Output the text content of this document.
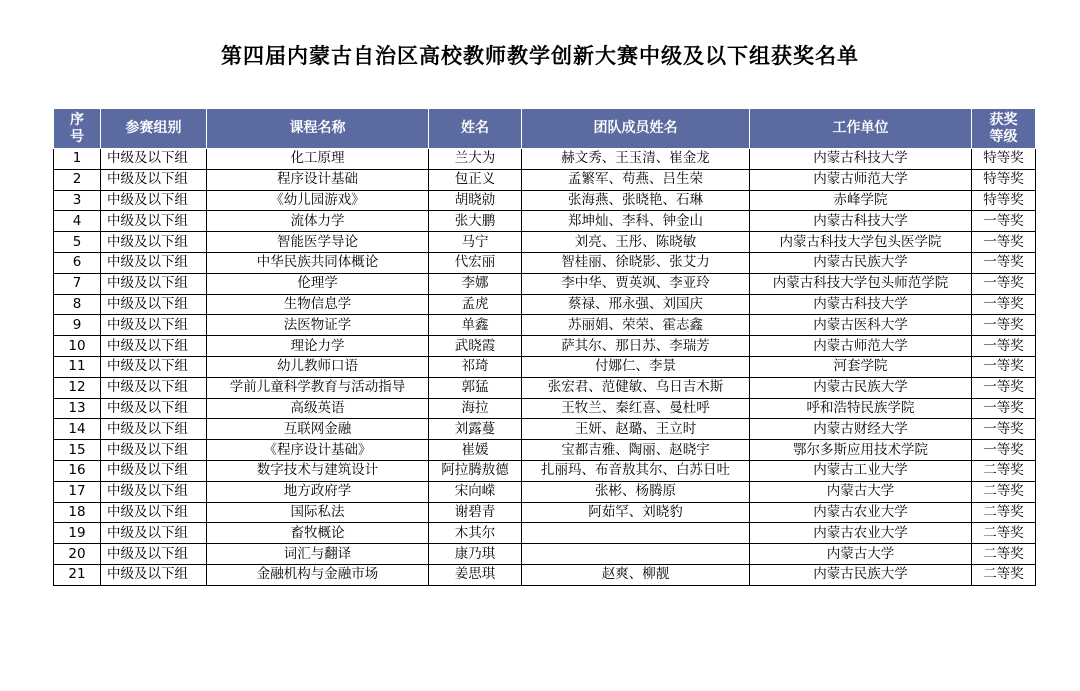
第四届内蒙古自治区高校教师教学创新大赛中级及以下组获奖名单
序号	参赛组别	课程名称	姓名	团队成员姓名	工作单位	获奖等级
1	中级及以下组	化工原理	兰大为	赫文秀、王玉清、崔金龙	内蒙古科技大学	特等奖
2	中级及以下组	程序设计基础	包正义	孟繁军、苟燕、吕生荣	内蒙古师范大学	特等奖
3	中级及以下组	《幼儿园游戏》	胡晓勍	张海燕、张晓艳、石琳	赤峰学院	特等奖
4	中级及以下组	流体力学	张大鹏	郑坤灿、李科、钟金山	内蒙古科技大学	一等奖
5	中级及以下组	智能医学导论	马宁	刘亮、王彤、陈晓敏	内蒙古科技大学包头医学院	一等奖
6	中级及以下组	中华民族共同体概论	代宏丽	智桂丽、徐晓影、张艾力	内蒙古民族大学	一等奖
7	中级及以下组	伦理学	李娜	李中华、贾英飒、李亚玲	内蒙古科技大学包头师范学院	一等奖
8	中级及以下组	生物信息学	孟虎	蔡禄、邢永强、刘国庆	内蒙古科技大学	一等奖
9	中级及以下组	法医物证学	单鑫	苏丽娟、荣荣、霍志鑫	内蒙古医科大学	一等奖
10	中级及以下组	理论力学	武晓霞	萨其尔、那日苏、李瑞芳	内蒙古师范大学	一等奖
11	中级及以下组	幼儿教师口语	祁琦	付娜仁、李景	河套学院	一等奖
12	中级及以下组	学前儿童科学教育与活动指导	郭猛	张宏君、范健敏、乌日吉木斯	内蒙古民族大学	一等奖
13	中级及以下组	高级英语	海拉	王牧兰、秦红喜、曼杜呼	呼和浩特民族学院	一等奖
14	中级及以下组	互联网金融	刘露蔓	王妍、赵璐、王立时	内蒙古财经大学	一等奖
15	中级及以下组	《程序设计基础》	崔媛	宝都吉雅、陶丽、赵晓宇	鄂尔多斯应用技术学院	一等奖
16	中级及以下组	数字技术与建筑设计	阿拉腾敖德	扎丽玛、布音敖其尔、白苏日吐	内蒙古工业大学	二等奖
17	中级及以下组	地方政府学	宋向嵘	张彬、杨腾原	内蒙古大学	二等奖
18	中级及以下组	国际私法	谢碧青	阿茹罕、刘晓豹	内蒙古农业大学	二等奖
19	中级及以下组	畜牧概论	木其尔		内蒙古农业大学	二等奖
20	中级及以下组	词汇与翻译	康乃琪		内蒙古大学	二等奖
21	中级及以下组	金融机构与金融市场	姜思琪	赵爽、柳靓	内蒙古民族大学	二等奖
